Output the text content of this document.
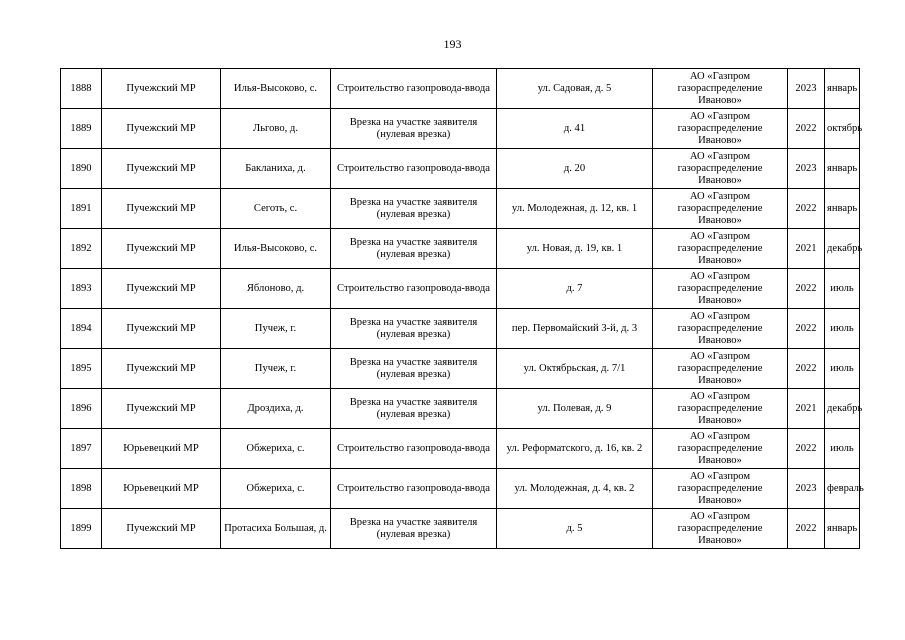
193
1888	Пучежский МР	Илья-Высоково, с.	Строительство газопровода-ввода	ул. Садовая, д. 5	АО «Газпром газораспределение Иваново»	2023	январь
1889	Пучежский МР	Льгово, д.	Врезка на участке заявителя (нулевая врезка)	д. 41	АО «Газпром газораспределение Иваново»	2022	октябрь
1890	Пучежский МР	Бакланиха, д.	Строительство газопровода-ввода	д. 20	АО «Газпром газораспределение Иваново»	2023	январь
1891	Пучежский МР	Сеготь, с.	Врезка на участке заявителя (нулевая врезка)	ул. Молодежная, д. 12, кв. 1	АО «Газпром газораспределение Иваново»	2022	январь
1892	Пучежский МР	Илья-Высоково, с.	Врезка на участке заявителя (нулевая врезка)	ул. Новая, д. 19, кв. 1	АО «Газпром газораспределение Иваново»	2021	декабрь
1893	Пучежский МР	Яблоново, д.	Строительство газопровода-ввода	д. 7	АО «Газпром газораспределение Иваново»	2022	июль
1894	Пучежский МР	Пучеж, г.	Врезка на участке заявителя (нулевая врезка)	пер. Первомайский 3-й, д. 3	АО «Газпром газораспределение Иваново»	2022	июль
1895	Пучежский МР	Пучеж, г.	Врезка на участке заявителя (нулевая врезка)	ул. Октябрьская, д. 7/1	АО «Газпром газораспределение Иваново»	2022	июль
1896	Пучежский МР	Дроздиха, д.	Врезка на участке заявителя (нулевая врезка)	ул. Полевая, д. 9	АО «Газпром газораспределение Иваново»	2021	декабрь
1897	Юрьевецкий МР	Обжериха, с.	Строительство газопровода-ввода	ул. Реформатского, д. 16, кв. 2	АО «Газпром газораспределение Иваново»	2022	июль
1898	Юрьевецкий МР	Обжериха, с.	Строительство газопровода-ввода	ул. Молодежная, д. 4, кв. 2	АО «Газпром газораспределение Иваново»	2023	февраль
1899	Пучежский МР	Протасиха Большая, д.	Врезка на участке заявителя (нулевая врезка)	д. 5	АО «Газпром газораспределение Иваново»	2022	январь
